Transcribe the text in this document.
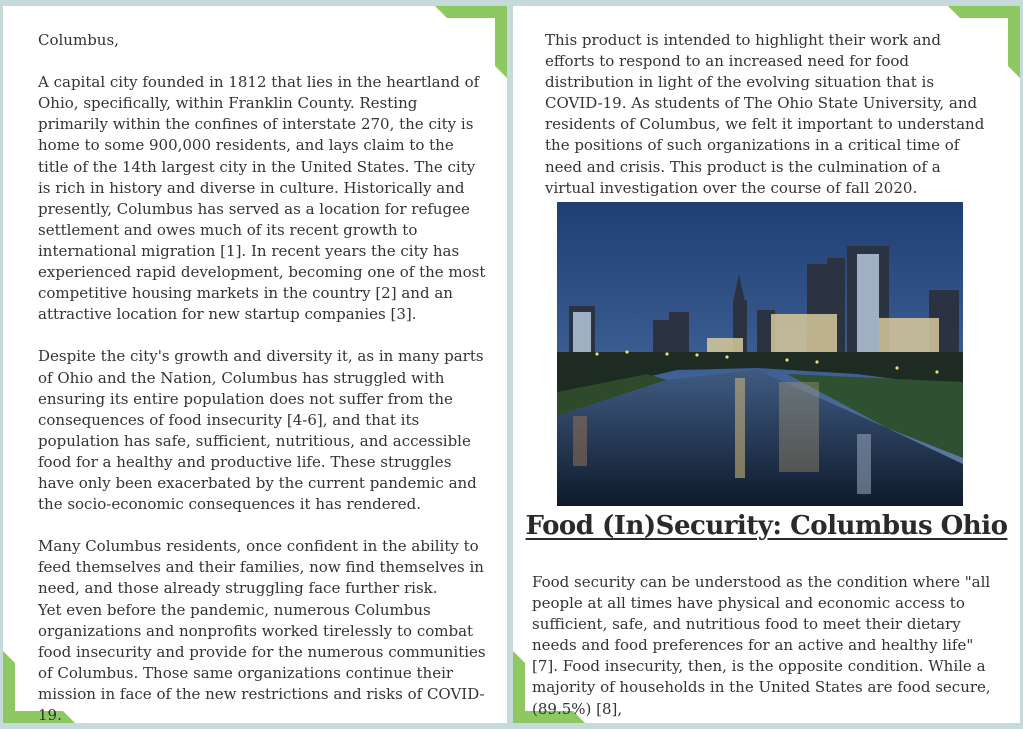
Columbus,

A capital city founded in 1812 that lies in the heartland of Ohio, specifically, within Franklin County. Resting primarily within the confines of interstate 270, the city is home to some 900,000 residents, and lays claim to the title of the 14th largest city in the United States. The city is rich in history and diverse in culture. Historically and presently, Columbus has served as a location for refugee settlement and owes much of its recent growth to international migration [1]. In recent years the city has experienced rapid development, becoming one of the most competitive housing markets in the country [2] and an attractive location for new startup companies [3].

Despite the city's growth and diversity it, as in many parts of Ohio and the Nation, Columbus has struggled with ensuring its entire population does not suffer from the consequences of food insecurity [4-6], and that its population has safe, sufficient, nutritious, and accessible food for a healthy and productive life. These struggles have only been exacerbated by the current pandemic and the socio-economic consequences it has rendered.

Many Columbus residents, once confident in the ability to feed themselves and their families, now find themselves in need, and those already struggling face further risk.
Yet even before the pandemic, numerous Columbus organizations and nonprofits worked tirelessly to combat food insecurity and provide for the numerous communities of Columbus. Those same organizations continue their mission in face of the new restrictions and risks of COVID-19.

This product is intended to highlight their work and efforts to respond to an increased need for food distribution in light of the evolving situation that is COVID-19. As students of The Ohio State University, and residents of Columbus, we felt it important to understand the positions of such organizations in a critical time of need and crisis. This product is the culmination of a virtual investigation over the course of fall 2020.

Food (In)Security: Columbus Ohio

Food security can be understood as the condition where "all people at all times have physical and economic access to sufficient, safe, and nutritious food to meet their dietary needs and food preferences for an active and healthy life" [7]. Food insecurity, then, is the opposite condition. While a majority of households in the United States are food secure, (89.5%) [8],
